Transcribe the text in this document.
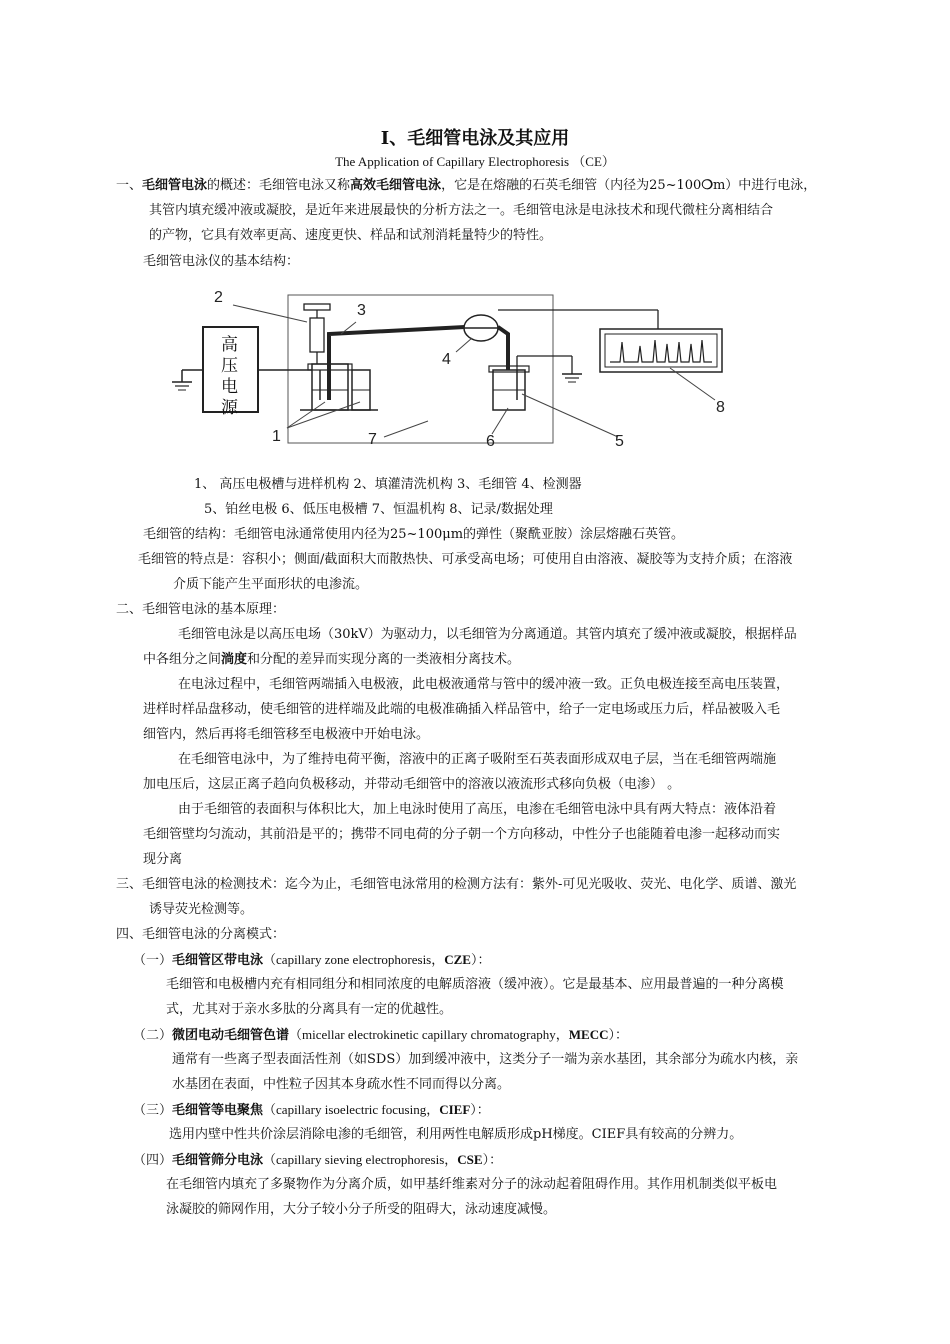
I、毛细管电泳及其应用
The Application of Capillary Electrophoresis （CE）
一、毛细管电泳的概述：毛细管电泳又称高效毛细管电泳，它是在熔融的石英毛细管（内径为25~100❍m）中进行电泳，
其管内填充缓冲液或凝胶，是近年来进展最快的分析方法之一。毛细管电泳是电泳技术和现代微柱分离相结合
的产物，它具有效率更高、速度更快、样品和试剂消耗量特少的特性。
毛细管电泳仪的基本结构：
高
压
电
源
2
3
4
1	7	6	5
8
1、 高压电极槽与进样机构 2、填灌清洗机构 3、毛细管 4、检测器
5、铂丝电极 6、低压电极槽 7、恒温机构 8、记录/数据处理
毛细管的结构：毛细管电泳通常使用内径为25~100μm的弹性（聚酰亚胺）涂层熔融石英管。
毛细管的特点是：容积小；侧面/截面积大而散热快、可承受高电场；可使用自由溶液、凝胶等为支持介质；在溶液
介质下能产生平面形状的电渗流。
二、毛细管电泳的基本原理：
毛细管电泳是以高压电场（30kV）为驱动力，以毛细管为分离通道。其管内填充了缓冲液或凝胶，根据样品
中各组分之间淌度和分配的差异而实现分离的一类液相分离技术。
在电泳过程中，毛细管两端插入电极液，此电极液通常与管中的缓冲液一致。正负电极连接至高电压装置，
进样时样品盘移动，使毛细管的进样端及此端的电极准确插入样品管中，给子一定电场或压力后，样品被吸入毛
细管内，然后再将毛细管移至电极液中开始电泳。
在毛细管电泳中，为了维持电荷平衡，溶液中的正离子吸附至石英表面形成双电子层，当在毛细管两端施
加电压后，这层正离子趋向负极移动，并带动毛细管中的溶液以液流形式移向负极（电渗） 。
由于毛细管的表面积与体积比大，加上电泳时使用了高压，电渗在毛细管电泳中具有两大特点：液体沿着
毛细管壁均匀流动，其前沿是平的；携带不同电荷的分子朝一个方向移动，中性分子也能随着电渗一起移动而实
现分离
三、毛细管电泳的检测技术：迄今为止，毛细管电泳常用的检测方法有：紫外-可见光吸收、荧光、电化学、质谱、激光
诱导荧光检测等。
四、毛细管电泳的分离模式：
（一）毛细管区带电泳（capillary zone electrophoresis，CZE）：
毛细管和电极槽内充有相同组分和相同浓度的电解质溶液（缓冲液）。它是最基本、应用最普遍的一种分离模
式，尤其对于亲水多肽的分离具有一定的优越性。
（二）微团电动毛细管色谱（micellar electrokinetic capillary chromatography，MECC）：
通常有一些离子型表面活性剂（如SDS）加到缓冲液中，这类分子一端为亲水基团，其余部分为疏水内核，亲
水基团在表面，中性粒子因其本身疏水性不同而得以分离。
（三）毛细管等电聚焦（capillary isoelectric focusing，CIEF）：
选用内壁中性共价涂层消除电渗的毛细管，利用两性电解质形成pH梯度。CIEF具有较高的分辨力。
（四）毛细管筛分电泳（capillary sieving electrophoresis，CSE）：
在毛细管内填充了多聚物作为分离介质，如甲基纤维素对分子的泳动起着阻碍作用。其作用机制类似平板电
泳凝胶的筛网作用，大分子较小分子所受的阻碍大，泳动速度减慢。
